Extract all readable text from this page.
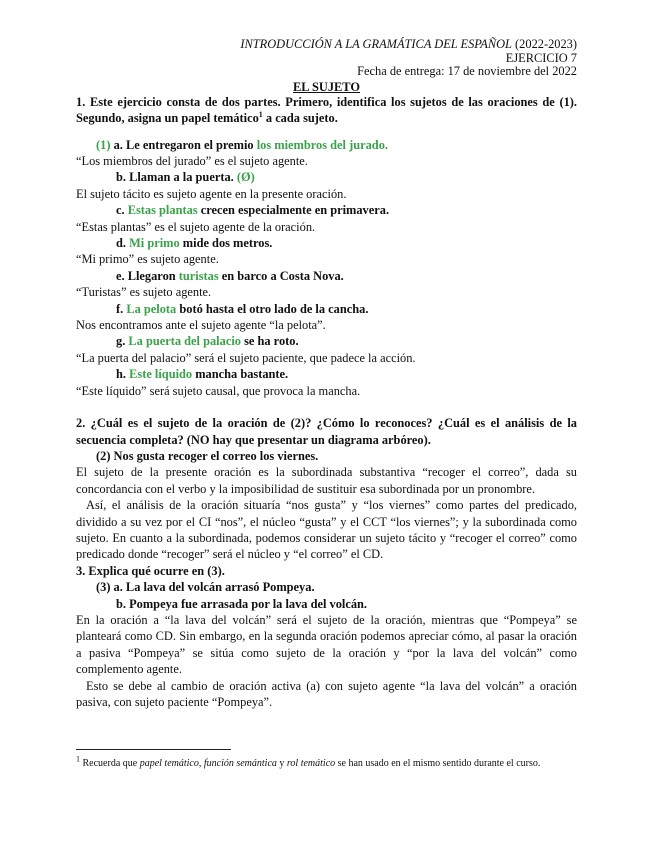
INTRODUCCIÓN A LA GRAMÁTICA DEL ESPAÑOL (2022-2023)
EJERCICIO 7
Fecha de entrega: 17 de noviembre del 2022
EL SUJETO
1. Este ejercicio consta de dos partes. Primero, identifica los sujetos de las oraciones de (1). Segundo, asigna un papel temático$^1$ a cada sujeto.
(1) a. Le entregaron el premio los miembros del jurado.
“Los miembros del jurado” es el sujeto agente.
b. Llaman a la puerta. (Ø)
El sujeto tácito es sujeto agente en la presente oración.
c. Estas plantas crecen especialmente en primavera.
“Estas plantas” es el sujeto agente de la oración.
d. Mi primo mide dos metros.
“Mi primo” es sujeto agente.
e. Llegaron turistas en barco a Costa Nova.
“Turistas” es sujeto agente.
f. La pelota botó hasta el otro lado de la cancha.
Nos encontramos ante el sujeto agente “la pelota”.
g. La puerta del palacio se ha roto.
“La puerta del palacio” será el sujeto paciente, que padece la acción.
h. Este líquido mancha bastante.
“Este líquido” será sujeto causal, que provoca la mancha.
2. ¿Cuál es el sujeto de la oración de (2)? ¿Cómo lo reconoces? ¿Cuál es el análisis de la secuencia completa? (NO hay que presentar un diagrama arbóreo).
(2) Nos gusta recoger el correo los viernes.
El sujeto de la presente oración es la subordinada substantiva “recoger el correo”, dada su concordancia con el verbo y la imposibilidad de sustituir esa subordinada por un pronombre.
Así, el análisis de la oración situaría “nos gusta” y “los viernes” como partes del predicado, dividido a su vez por el CI “nos”, el núcleo “gusta” y el CCT “los viernes”; y la subordinada como sujeto. En cuanto a la subordinada, podemos considerar un sujeto tácito y “recoger el correo” como predicado donde “recoger” será el núcleo y “el correo” el CD.
3. Explica qué ocurre en (3).
(3) a. La lava del volcán arrasó Pompeya.
b. Pompeya fue arrasada por la lava del volcán.
En la oración a “la lava del volcán” será el sujeto de la oración, mientras que “Pompeya” se planteará como CD. Sin embargo, en la segunda oración podemos apreciar cómo, al pasar la oración a pasiva “Pompeya” se sitúa como sujeto de la oración y “por la lava del volcán” como complemento agente.
Esto se debe al cambio de oración activa (a) con sujeto agente “la lava del volcán” a oración pasiva, con sujeto paciente “Pompeya”.
$^1$ Recuerda que papel temático, función semántica y rol temático se han usado en el mismo sentido durante el curso.
